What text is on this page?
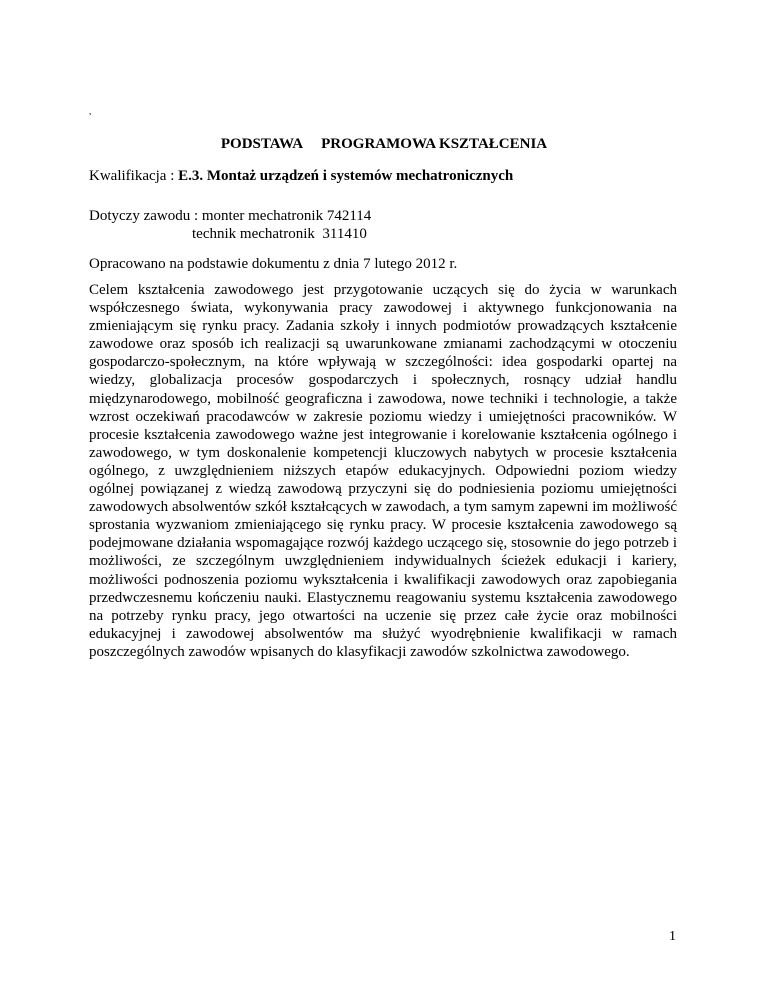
,
PODSTAWA PROGRAMOWA KSZTAŁCENIA
Kwalifikacja : E.3. Montaż urządzeń i systemów mechatronicznych
Dotyczy zawodu : monter mechatronik 742114
technik mechatronik  311410
Opracowano na podstawie dokumentu z dnia 7 lutego 2012 r.
Celem kształcenia zawodowego jest przygotowanie uczących się do życia w warunkach współczesnego świata, wykonywania pracy zawodowej i aktywnego funkcjonowania na zmieniającym się rynku pracy. Zadania szkoły i innych podmiotów prowadzących kształcenie zawodowe oraz sposób ich realizacji są uwarunkowane zmianami zachodzącymi w otoczeniu gospodarczo-społecznym, na które wpływają w szczególności: idea gospodarki opartej na wiedzy, globalizacja procesów gospodarczych i społecznych, rosnący udział handlu międzynarodowego, mobilność geograficzna i zawodowa, nowe techniki i technologie, a także wzrost oczekiwań pracodawców w zakresie poziomu wiedzy i umiejętności pracowników. W procesie kształcenia zawodowego ważne jest integrowanie i korelowanie kształcenia ogólnego i zawodowego, w tym doskonalenie kompetencji kluczowych nabytych w procesie kształcenia ogólnego, z uwzględnieniem niższych etapów edukacyjnych. Odpowiedni poziom wiedzy ogólnej powiązanej z wiedzą zawodową przyczyni się do podniesienia poziomu umiejętności zawodowych absolwentów szkół kształcących w zawodach, a tym samym zapewni im możliwość sprostania wyzwaniom zmieniającego się rynku pracy. W procesie kształcenia zawodowego są podejmowane działania wspomagające rozwój każdego uczącego się, stosownie do jego potrzeb i możliwości, ze szczególnym uwzględnieniem indywidualnych ścieżek edukacji i kariery, możliwości podnoszenia poziomu wykształcenia i kwalifikacji zawodowych oraz zapobiegania przedwczesnemu kończeniu nauki. Elastycznemu reagowaniu systemu kształcenia zawodowego na potrzeby rynku pracy, jego otwartości na uczenie się przez całe życie oraz mobilności edukacyjnej i zawodowej absolwentów ma służyć wyodrębnienie kwalifikacji w ramach poszczególnych zawodów wpisanych do klasyfikacji zawodów szkolnictwa zawodowego.
1
